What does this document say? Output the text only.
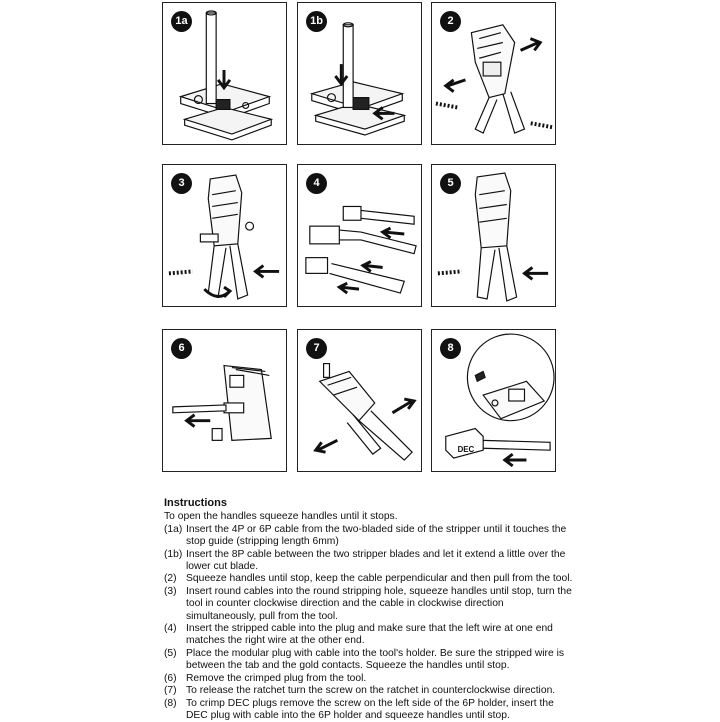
1a	1b	2
3	4	5
6	7	8
DEC
Instructions
To open the handles squeeze handles until it stops.
(1a) Insert the 4P or 6P cable from the two-bladed side of the stripper until it touches the stop guide (stripping length 6mm)
(1b) Insert the 8P cable between the two stripper blades and let it extend a little over the lower cut blade.
(2) Squeeze handles until stop, keep the cable perpendicular and then pull from the tool.
(3) Insert round cables into the round stripping hole, squeeze handles until stop, turn the tool in counter clockwise direction and the cable in clockwise direction simultaneously, pull from the tool.
(4) Insert the stripped cable into the plug and make sure that the left wire at one end matches the right wire at the other end.
(5) Place the modular plug with cable into the tool's holder. Be sure the stripped wire is between the tab and the gold contacts. Squeeze the handles until stop.
(6) Remove the crimped plug from the tool.
(7) To release the ratchet turn the screw on the ratchet in counterclockwise direction.
(8) To crimp DEC plugs remove the screw on the left side of the 6P holder, insert the DEC plug with cable into the 6P holder and squeeze handles until stop.
